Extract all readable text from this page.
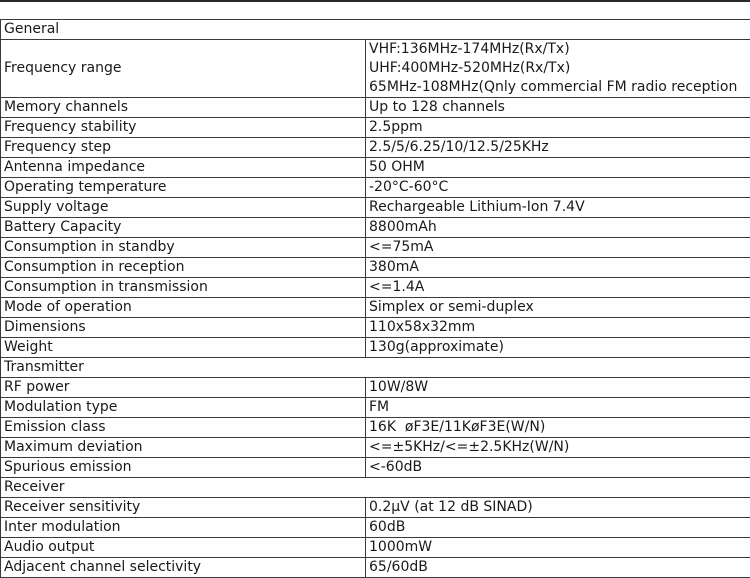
General	
Frequency range	VHF:136MHz-174MHz(Rx/Tx)
UHF:400MHz-520MHz(Rx/Tx)
65MHz-108MHz(Qnly commercial FM radio reception

Memory channels	Up to 128 channels
Frequency stability	2.5ppm
Frequency step	2.5/5/6.25/10/12.5/25KHz
Antenna impedance	50 OHM
Operating temperature	-20°C-60°C
Supply voltage	Rechargeable Lithium-Ion 7.4V
Battery Capacity	8800mAh
Consumption in standby	<=75mA
Consumption in reception	380mA
Consumption in transmission	<=1.4A
Mode of operation	Simplex or semi-duplex
Dimensions	110x58x32mm
Weight	130g(approximate)
Transmitter	
RF power	10W/8W
Modulation type	FM
Emission class	16K  øF3E/11KøF3E(W/N)
Maximum deviation	<=±5KHz/<=±2.5KHz(W/N)
Spurious emission	<-60dB
Receiver	
Receiver sensitivity	0.2μV (at 12 dB SINAD)
Inter modulation	60dB
Audio output	1000mW
Adjacent channel selectivity	65/60dB
